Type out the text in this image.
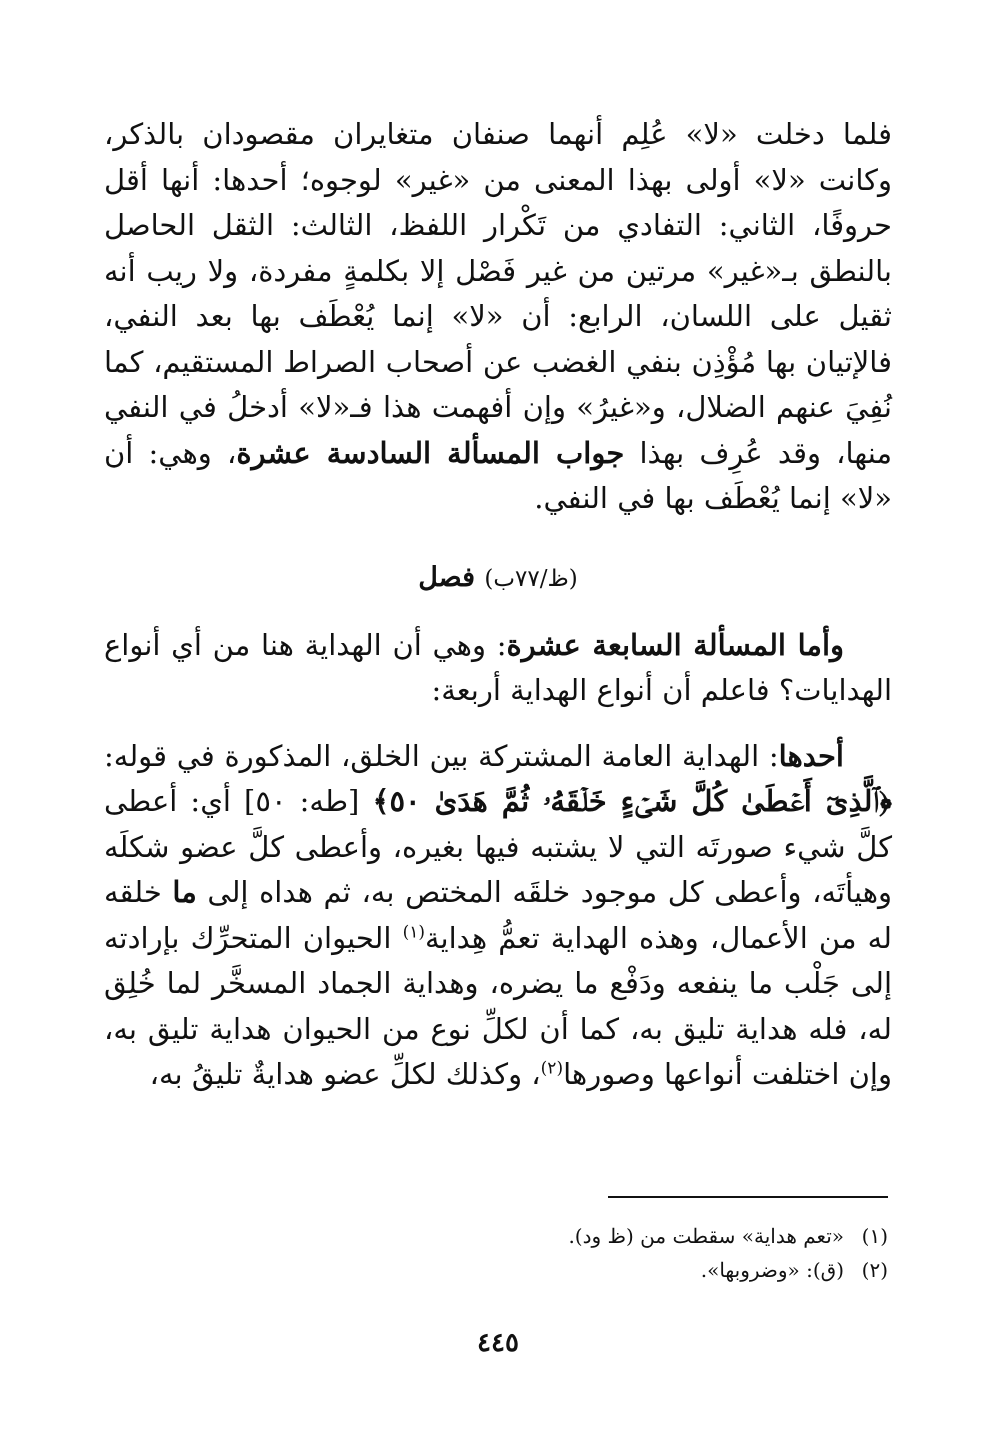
فلما دخلت «لا» عُلِم أنهما صنفان متغايران مقصودان بالذكر، وكانت «لا» أولى بهذا المعنى من «غير» لوجوه؛ أحدها: أنها أقل حروفًا، الثاني: التفادي من تَكْرار اللفظ، الثالث: الثقل الحاصل بالنطق بـ«غير» مرتين من غير فَصْل إلا بكلمةٍ مفردة، ولا ريب أنه ثقيل على اللسان، الرابع: أن «لا» إنما يُعْطَف بها بعد النفي، فالإتيان بها مُؤْذِن بنفي الغضب عن أصحاب الصراط المستقيم، كما نُفِيَ عنهم الضلال، و«غيرُ» وإن أفهمت هذا فـ«لا» أدخلُ في النفي منها، وقد عُرِف بهذا جواب المسألة السادسة عشرة، وهي: أن «لا» إنما يُعْطَف بها في النفي.

(ظ/٧٧ب) فصل

وأما المسألة السابعة عشرة: وهي أن الهداية هنا من أي أنواع الهدايات؟ فاعلم أن أنواع الهداية أربعة:

أحدها: الهداية العامة المشتركة بين الخلق، المذكورة في قوله: ﴿ٱلَّذِىٓ أَعۡطَىٰ كُلَّ شَىۡءٍ خَلۡقَهُۥ ثُمَّ هَدَىٰ ٥٠﴾ [طه: ٥٠] أي: أعطى كلَّ شيء صورتَه التي لا يشتبه فيها بغيره، وأعطى كلَّ عضو شكلَه وهيأتَه، وأعطى كل موجود خلقَه المختص به، ثم هداه إلى ما خلقه له من الأعمال، وهذه الهداية تعمُّ هِداية$^{(١)}$ الحيوان المتحرِّك بإرادته إلى جَلْب ما ينفعه ودَفْع ما يضره، وهداية الجماد المسخَّر لما خُلِق له، فله هداية تليق به، كما أن لكلِّ نوع من الحيوان هداية تليق به، وإن اختلفت أنواعها وصورها$^{(٢)}$، وكذلك لكلِّ عضو هدايةٌ تليقُ به،

(١)«تعم هداية» سقطت من (ظ ود).

(٢)(ق): «وضروبها».

٤٤٥
